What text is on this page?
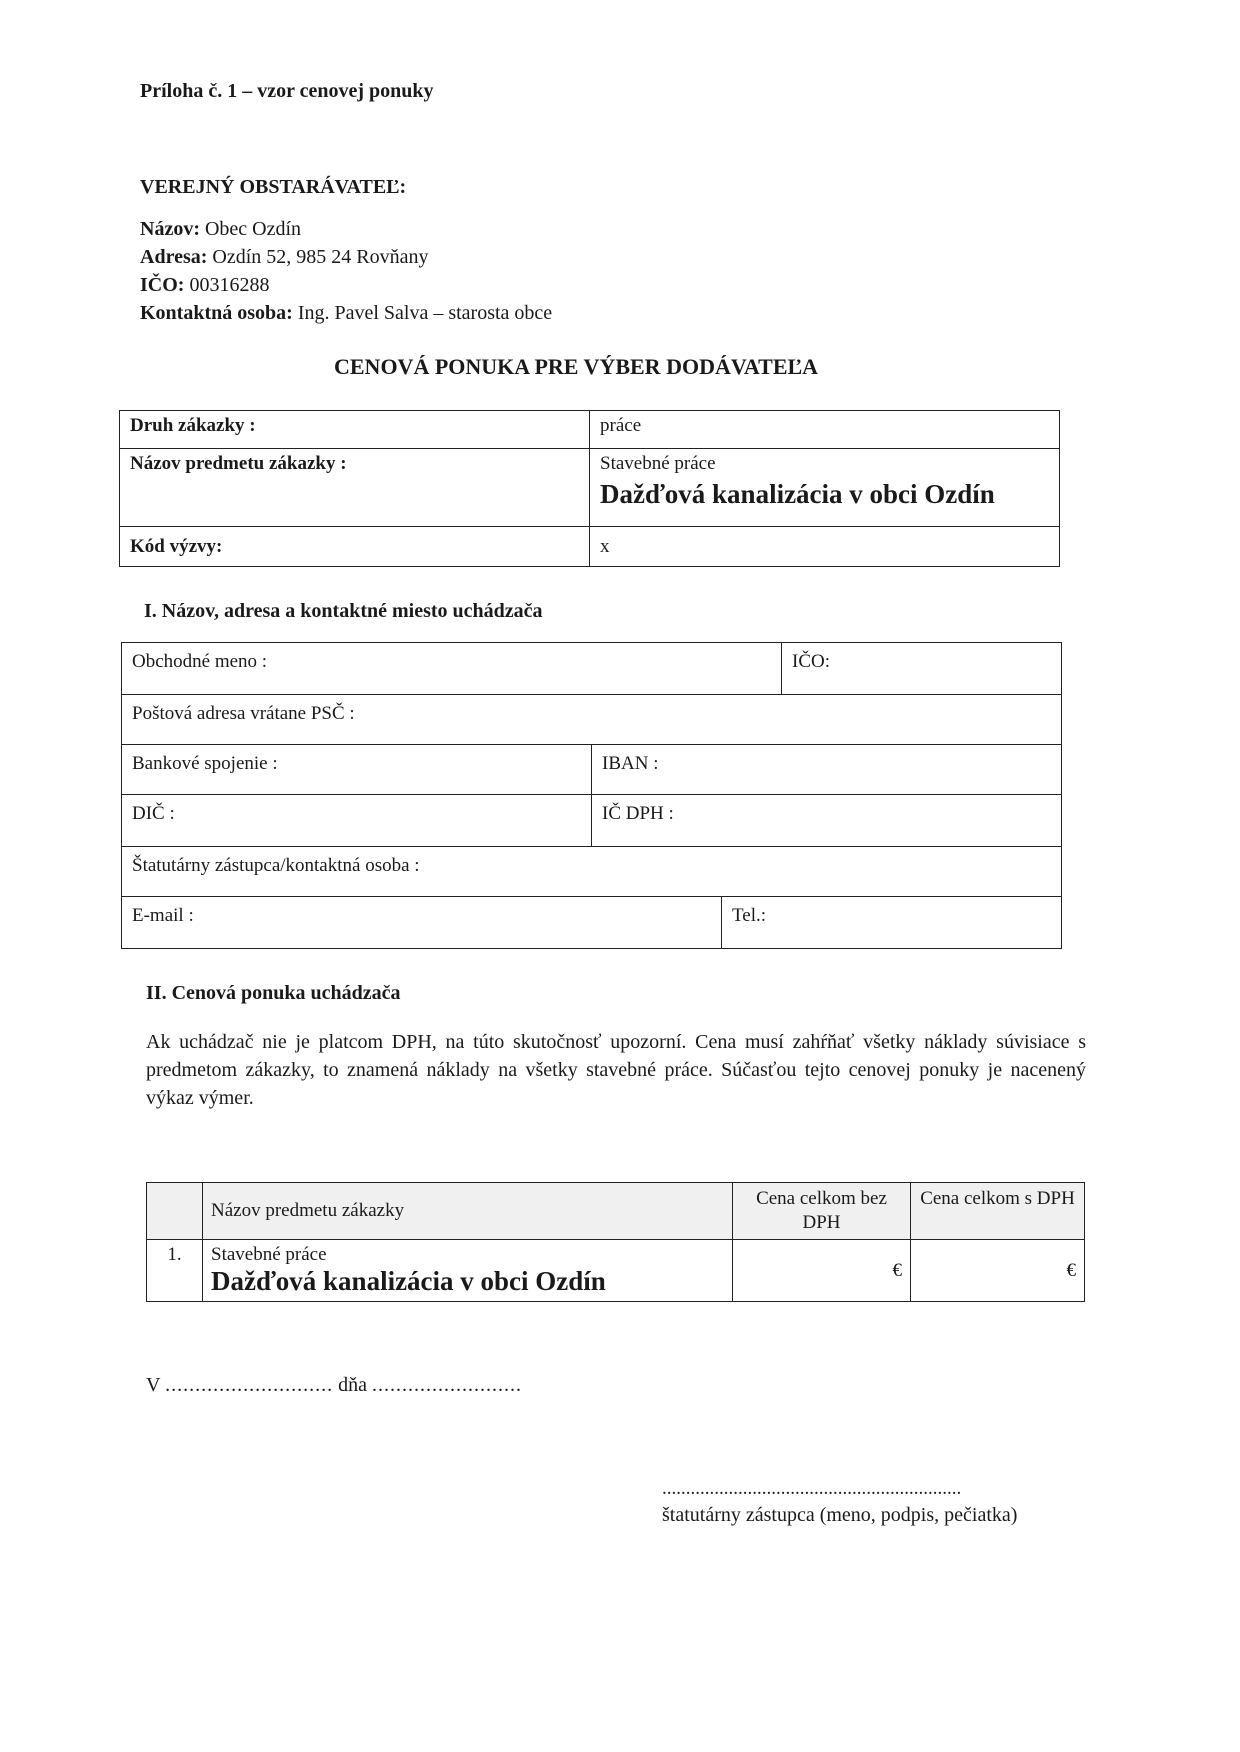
Príloha č. 1 – vzor cenovej ponuky
VEREJNÝ OBSTARÁVATEĽ:
Názov: Obec Ozdín
Adresa: Ozdín 52, 985 24 Rovňany
IČO: 00316288
Kontaktná osoba: Ing. Pavel Salva – starosta obce
CENOVÁ PONUKA PRE VÝBER DODÁVATEĽA
Druh zákazky :	práce
Názov predmetu zákazky :	Stavebné práce
Dažďová kanalizácia v obci Ozdín

Kód výzvy:	x
I. Názov, adresa a kontaktné miesto uchádzača
Obchodné meno :			IČO:
Poštová adresa vrátane PSČ :			
Bankové spojenie :	IBAN :		
DIČ :	IČ DPH :		
Štatutárny zástupca/kontaktná osoba :			
E-mail :		Tel.:	
II. Cenová ponuka uchádzača
Ak uchádzač nie je platcom DPH, na túto skutočnosť upozorní. Cena musí zahŕňať všetky náklady súvisiace s predmetom zákazky, to znamená náklady na všetky stavebné práce. Súčasťou tejto cenovej ponuky je nacenený výkaz výmer.
	Názov predmetu zákazky	Cena celkom bez DPH	Cena celkom s DPH
1.	Stavebné práce
Dažďová kanalizácia v obci Ozdín	€	€
V ............................ dňa .........................
...............................................................
štatutárny zástupca (meno, podpis, pečiatka)
